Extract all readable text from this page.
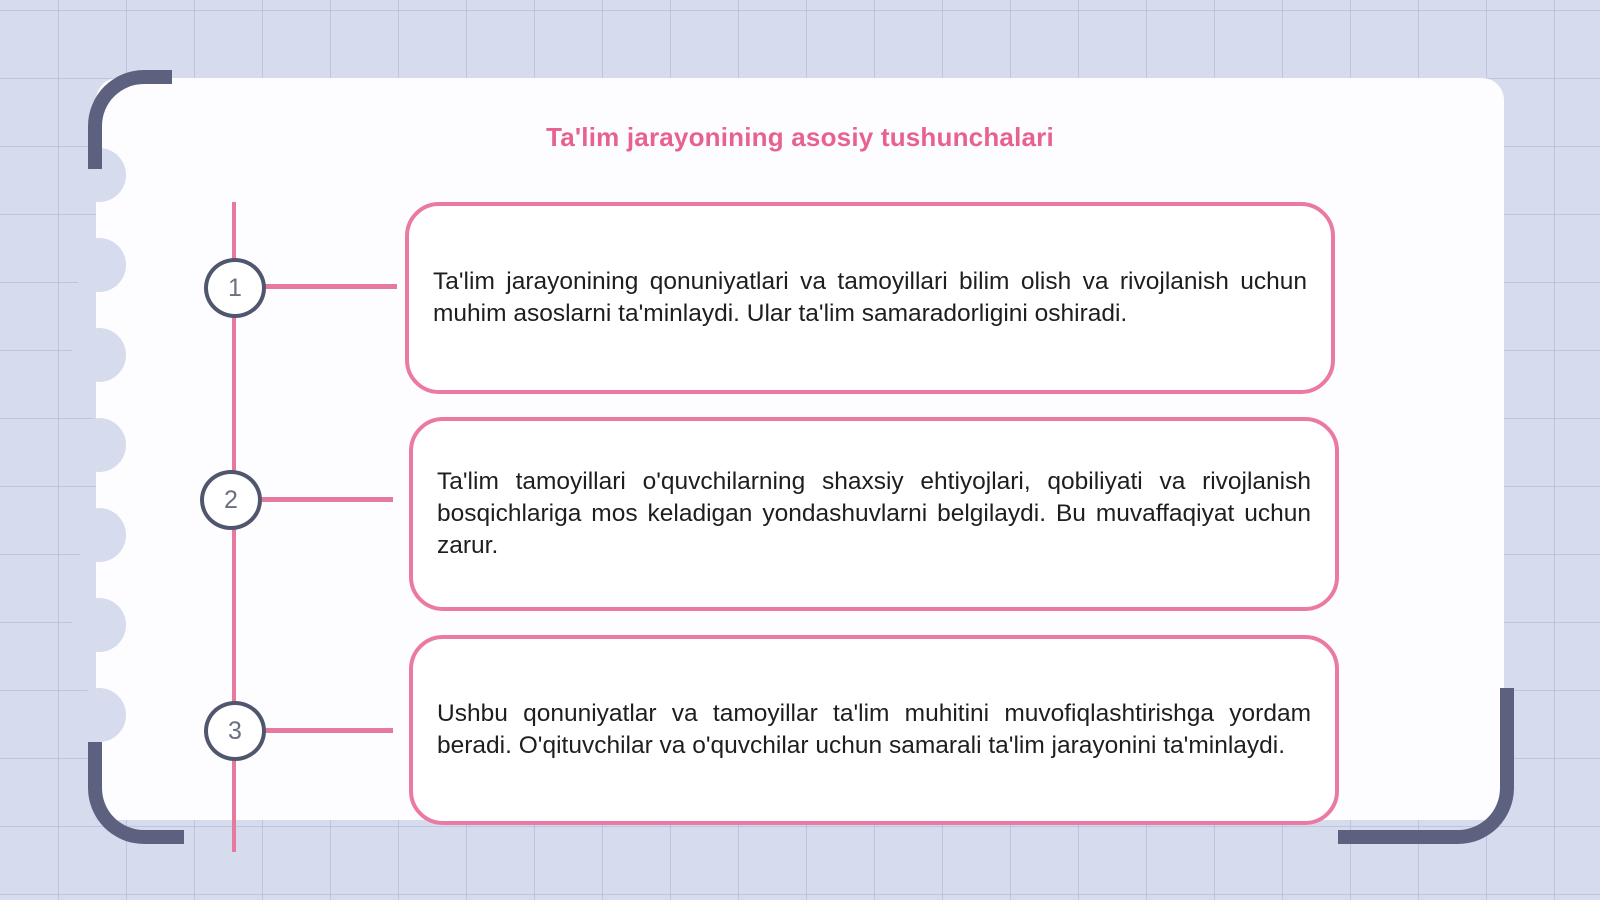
Ta'lim jarayonining asosiy tushunchalari
1
2
3
Ta'lim jarayonining qonuniyatlari va tamoyillari bilim olish va rivojlanish uchun muhim asoslarni ta'minlaydi. Ular ta'lim samaradorligini oshiradi.
Ta'lim tamoyillari o'quvchilarning shaxsiy ehtiyojlari, qobiliyati va rivojlanish bosqichlariga mos keladigan yondashuvlarni belgilaydi. Bu muvaffaqiyat uchun zarur.
Ushbu qonuniyatlar va tamoyillar ta'lim muhitini muvofiqlashtirishga yordam beradi. O'qituvchilar va o'quvchilar uchun samarali ta'lim jarayonini ta'minlaydi.
